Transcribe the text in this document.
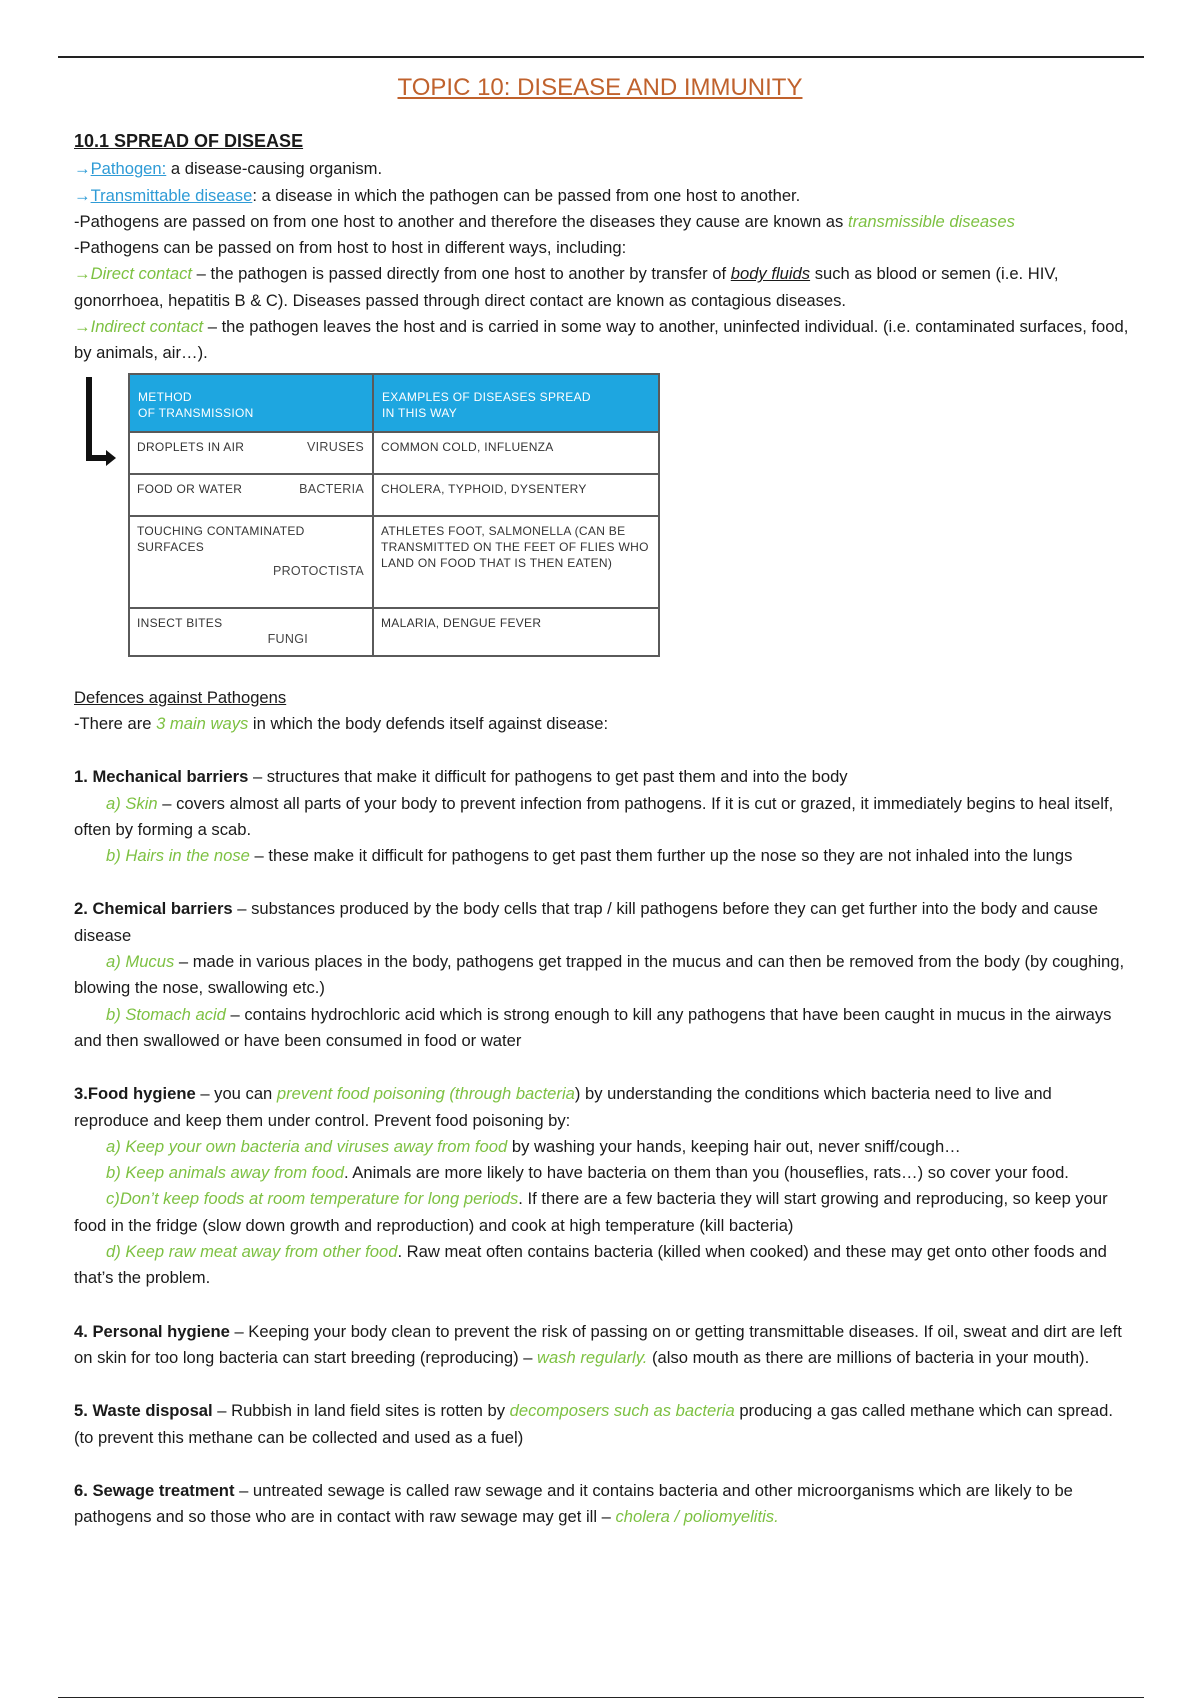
TOPIC 10: DISEASE AND IMMUNITY

10.1 SPREAD OF DISEASE

→Pathogen: a disease-causing organism.

→Transmittable disease: a disease in which the pathogen can be passed from one host to another.

-Pathogens are passed on from one host to another and therefore the diseases they cause are known as transmissible diseases

-Pathogens can be passed on from host to host in different ways, including:

→Direct contact – the pathogen is passed directly from one host to another by transfer of body fluids such as blood or semen (i.e. HIV, gonorrhoea, hepatitis B & C). Diseases passed through direct contact are known as contagious diseases.

→Indirect contact – the pathogen leaves the host and is carried in some way to another, uninfected individual. (i.e. contaminated surfaces, food, by animals, air…).

METHOD
OF TRANSMISSION	EXAMPLES OF DISEASES SPREAD
IN THIS WAY
DROPLETS IN AIR VIRUSES	COMMON COLD, INFLUENZA
FOOD OR WATER BACTERIA	CHOLERA, TYPHOID, DYSENTERY

TOUCHING CONTAMINATED SURFACES
PROTOCTISTA	ATHLETES FOOT, SALMONELLA (CAN BE TRANSMITTED ON THE FEET OF FLIES WHO LAND ON FOOD THAT IS THEN EATEN)
INSECT BITES
FUNGI	MALARIA, DENGUE FEVER

Defences against Pathogens

-There are 3 main ways in which the body defends itself against disease:

1. Mechanical barriers – structures that make it difficult for pathogens to get past them and into the body

a) Skin – covers almost all parts of your body to prevent infection from pathogens. If it is cut or grazed, it immediately begins to heal itself, often by forming a scab.

b) Hairs in the nose – these make it difficult for pathogens to get past them further up the nose so they are not inhaled into the lungs

2. Chemical barriers – substances produced by the body cells that trap / kill pathogens before they can get further into the body and cause disease

a) Mucus – made in various places in the body, pathogens get trapped in the mucus and can then be removed from the body (by coughing, blowing the nose, swallowing etc.)

b) Stomach acid – contains hydrochloric acid which is strong enough to kill any pathogens that have been caught in mucus in the airways and then swallowed or have been consumed in food or water

3.Food hygiene – you can prevent food poisoning (through bacteria) by understanding the conditions which bacteria need to live and reproduce and keep them under control. Prevent food poisoning by:

a) Keep your own bacteria and viruses away from food by washing your hands, keeping hair out, never sniff/cough…

b) Keep animals away from food. Animals are more likely to have bacteria on them than you (houseflies, rats…) so cover your food.

c)Don’t keep foods at room temperature for long periods. If there are a few bacteria they will start growing and reproducing, so keep your food in the fridge (slow down growth and reproduction) and cook at high temperature (kill bacteria)

d) Keep raw meat away from other food. Raw meat often contains bacteria (killed when cooked) and these may get onto other foods and that’s the problem.

4. Personal hygiene – Keeping your body clean to prevent the risk of passing on or getting transmittable diseases. If oil, sweat and dirt are left on skin for too long bacteria can start breeding (reproducing) – wash regularly. (also mouth as there are millions of bacteria in your mouth).

5. Waste disposal – Rubbish in land field sites is rotten by decomposers such as bacteria producing a gas called methane which can spread. (to prevent this methane can be collected and used as a fuel)

6. Sewage treatment – untreated sewage is called raw sewage and it contains bacteria and other microorganisms which are likely to be pathogens and so those who are in contact with raw sewage may get ill – cholera / poliomyelitis.
